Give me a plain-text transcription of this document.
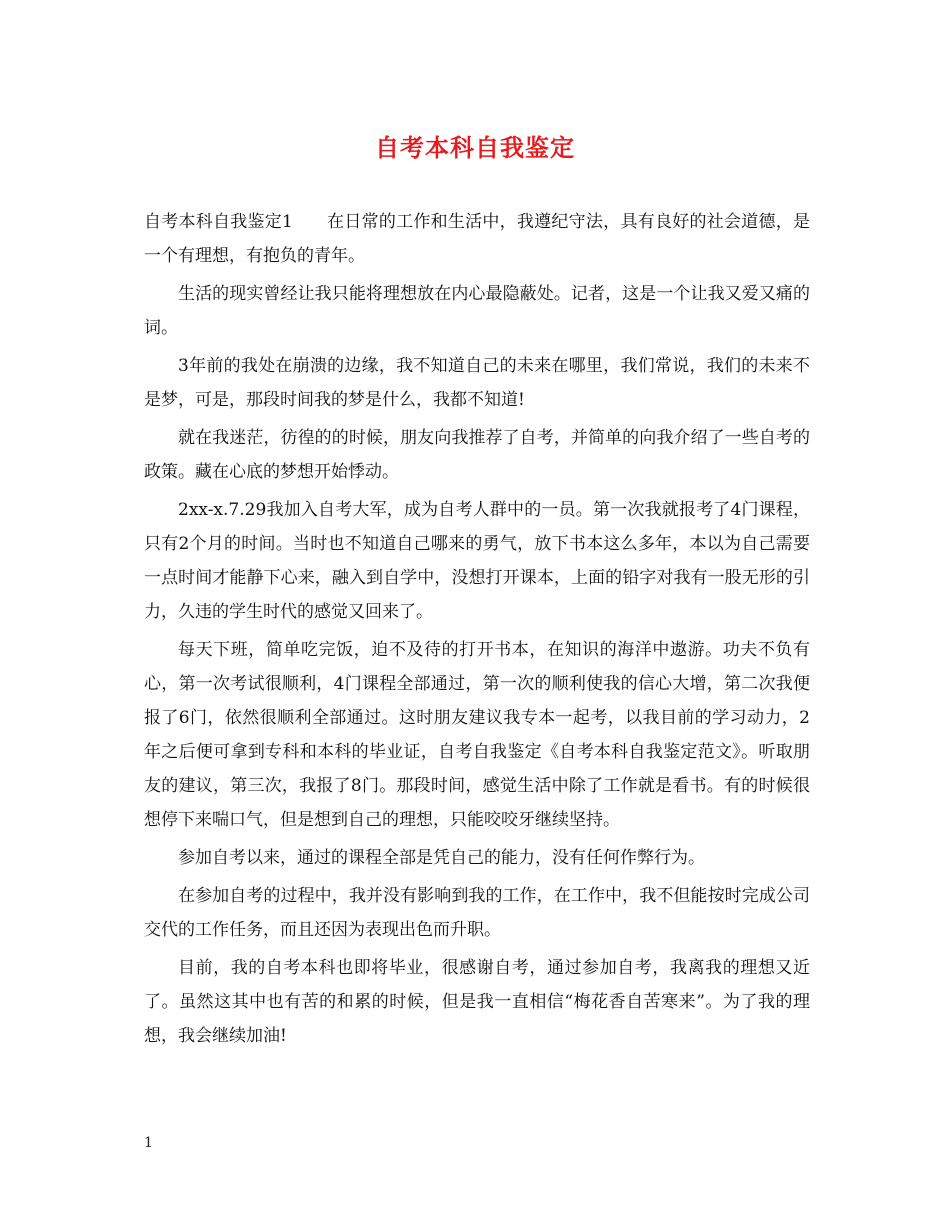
自考本科自我鉴定

自考本科自我鉴定1 在日常的工作和生活中，我遵纪守法，具有良好的社会道德，是一个有理想，有抱负的青年。

生活的现实曾经让我只能将理想放在内心最隐蔽处。记者，这是一个让我又爱又痛的词。

3年前的我处在崩溃的边缘，我不知道自己的未来在哪里，我们常说，我们的未来不是梦，可是，那段时间我的梦是什么，我都不知道!

就在我迷茫，彷徨的的时候，朋友向我推荐了自考，并简单的向我介绍了一些自考的政策。藏在心底的梦想开始悸动。

2xx-x.7.29我加入自考大军，成为自考人群中的一员。第一次我就报考了4门课程，只有2个月的时间。当时也不知道自己哪来的勇气，放下书本这么多年，本以为自己需要一点时间才能静下心来，融入到自学中，没想打开课本，上面的铅字对我有一股无形的引力，久违的学生时代的感觉又回来了。

每天下班，简单吃完饭，迫不及待的打开书本，在知识的海洋中遨游。功夫不负有心，第一次考试很顺利，4门课程全部通过，第一次的顺利使我的信心大增，第二次我便报了6门，依然很顺利全部通过。这时朋友建议我专本一起考，以我目前的学习动力，2年之后便可拿到专科和本科的毕业证，自考自我鉴定《自考本科自我鉴定范文》。听取朋友的建议，第三次，我报了8门。那段时间，感觉生活中除了工作就是看书。有的时候很想停下来喘口气，但是想到自己的理想，只能咬咬牙继续坚持。

参加自考以来，通过的课程全部是凭自己的能力，没有任何作弊行为。

在参加自考的过程中，我并没有影响到我的工作，在工作中，我不但能按时完成公司交代的工作任务，而且还因为表现出色而升职。

目前，我的自考本科也即将毕业，很感谢自考，通过参加自考，我离我的理想又近了。虽然这其中也有苦的和累的时候，但是我一直相信“梅花香自苦寒来”。为了我的理想，我会继续加油!

1
